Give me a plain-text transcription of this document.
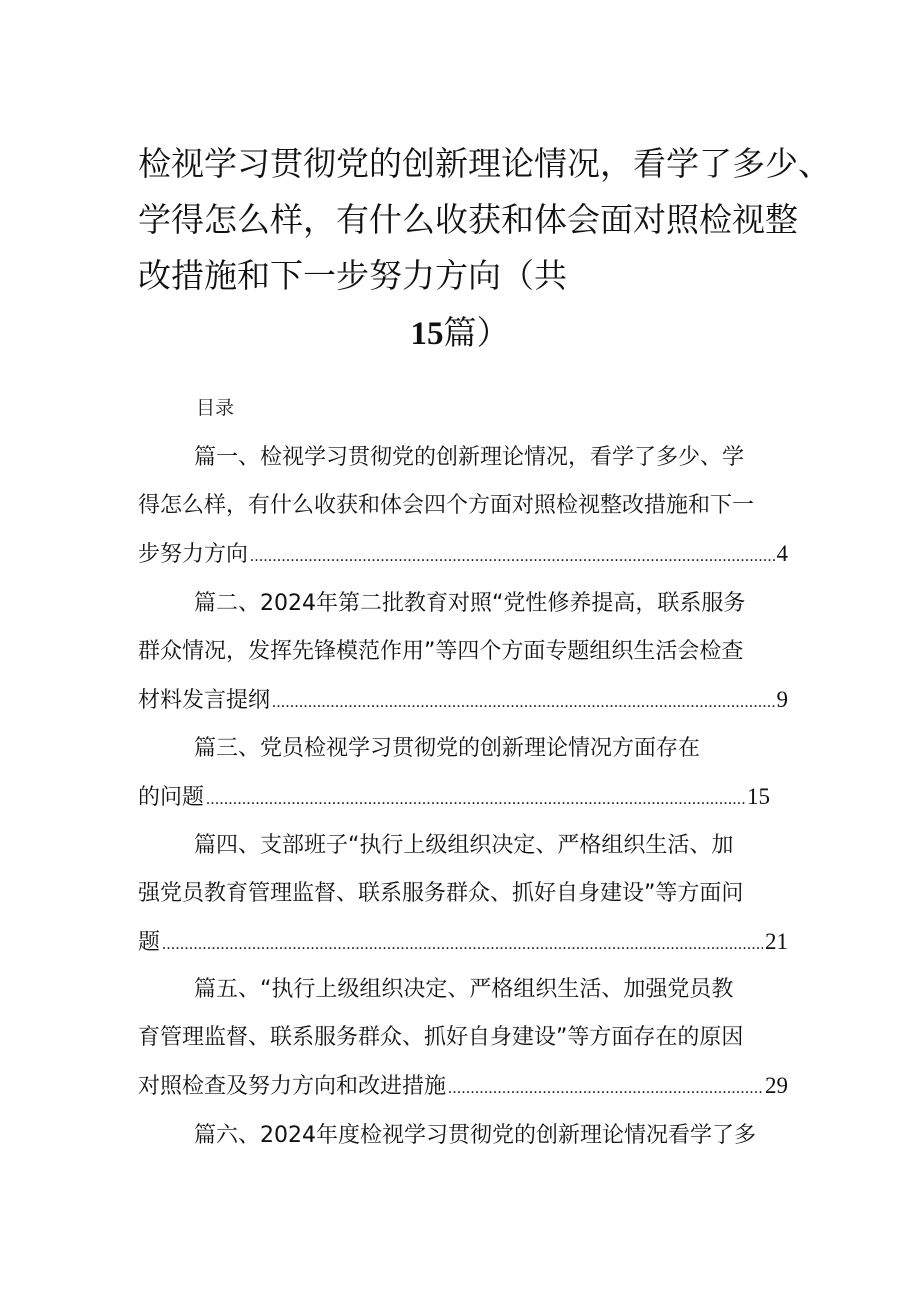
检视学习贯彻党的创新理论情况，看学了多少、
学得怎么样，有什么收获和体会面对照检视整
改措施和下一步努力方向（共
15篇）
目录
篇一、检视学习贯彻党的创新理论情况，看学了多少、学
得怎么样，有什么收获和体会四个方面对照检视整改措施和下一
步努力方向 .....	4
篇二、2024年第二批教育对照“党性修养提高，联系服务
群众情况，发挥先锋模范作用”等四个方面专题组织生活会检查
材料发言提纲 .....	9
篇三、党员检视学习贯彻党的创新理论情况方面存在
的问题 .....	15
篇四、支部班子“执行上级组织决定、严格组织生活、加
强党员教育管理监督、联系服务群众、抓好自身建设”等方面问
题 .....	21
篇五、“执行上级组织决定、严格组织生活、加强党员教
育管理监督、联系服务群众、抓好自身建设”等方面存在的原因
对照检查及努力方向和改进措施 .....	29
篇六、2024年度检视学习贯彻党的创新理论情况看学了多
